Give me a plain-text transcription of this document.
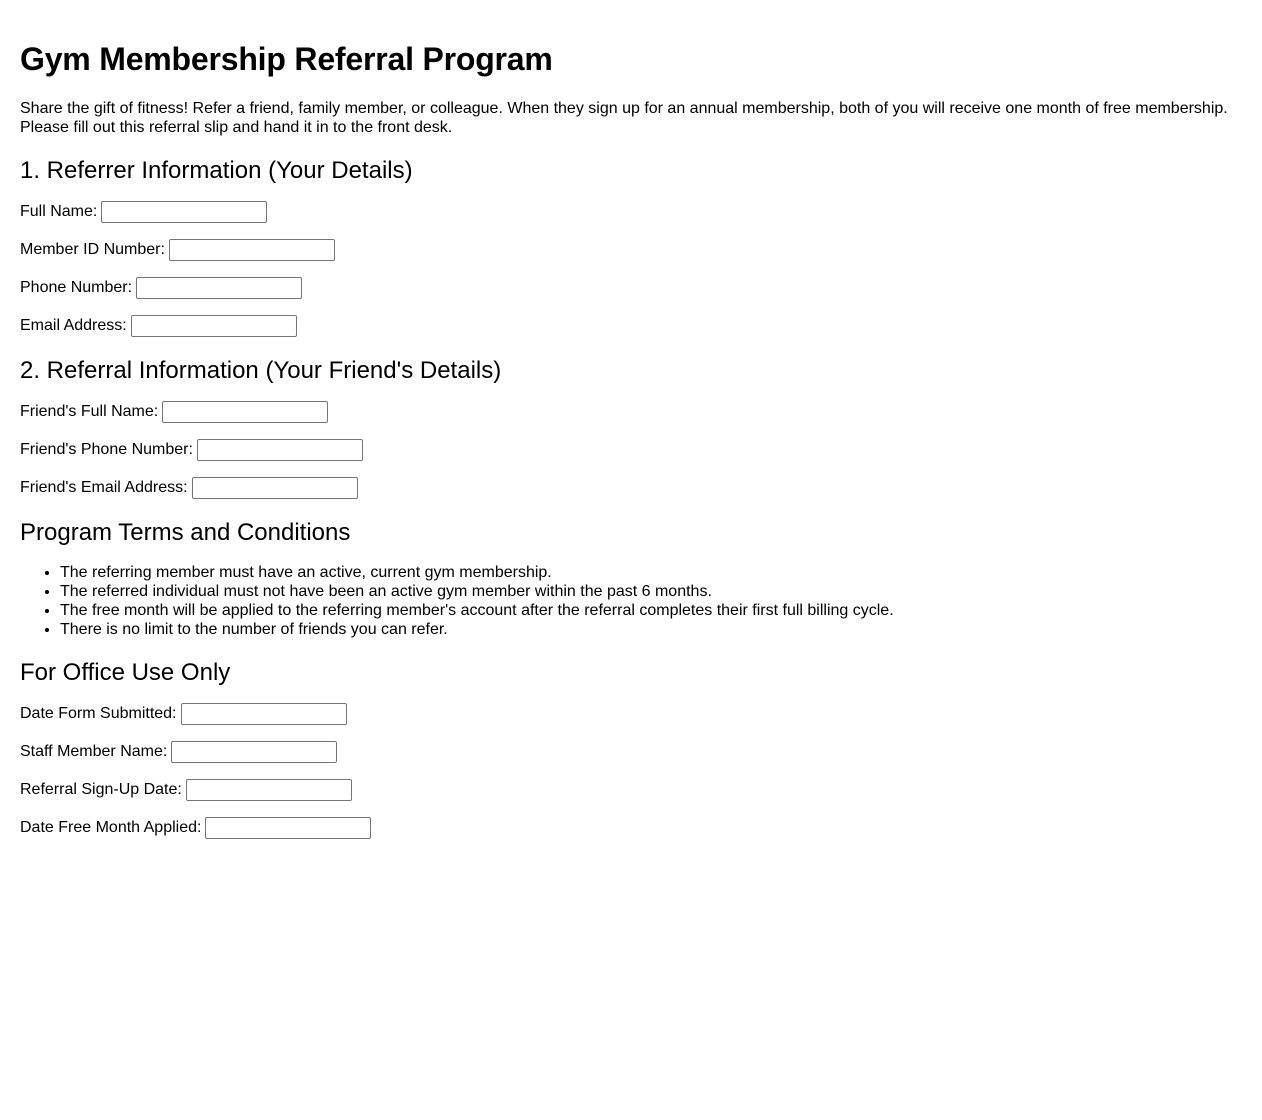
Gym Membership Referral Program

Share the gift of fitness! Refer a friend, family member, or colleague. When they sign up for an annual membership, both of you will receive one month of free membership. Please fill out this referral slip and hand it in to the front desk.

1. Referrer Information (Your Details)
Full Name:
Member ID Number:
Phone Number:
Email Address:
2. Referral Information (Your Friend's Details)
Friend's Full Name:
Friend's Phone Number:
Friend's Email Address:
Program Terms and Conditions
• The referring member must have an active, current gym membership.
• The referred individual must not have been an active gym member within the past 6 months.
• The free month will be applied to the referring member's account after the referral completes their first full billing cycle.
• There is no limit to the number of friends you can refer.
For Office Use Only
Date Form Submitted:
Staff Member Name:
Referral Sign-Up Date:
Date Free Month Applied:
